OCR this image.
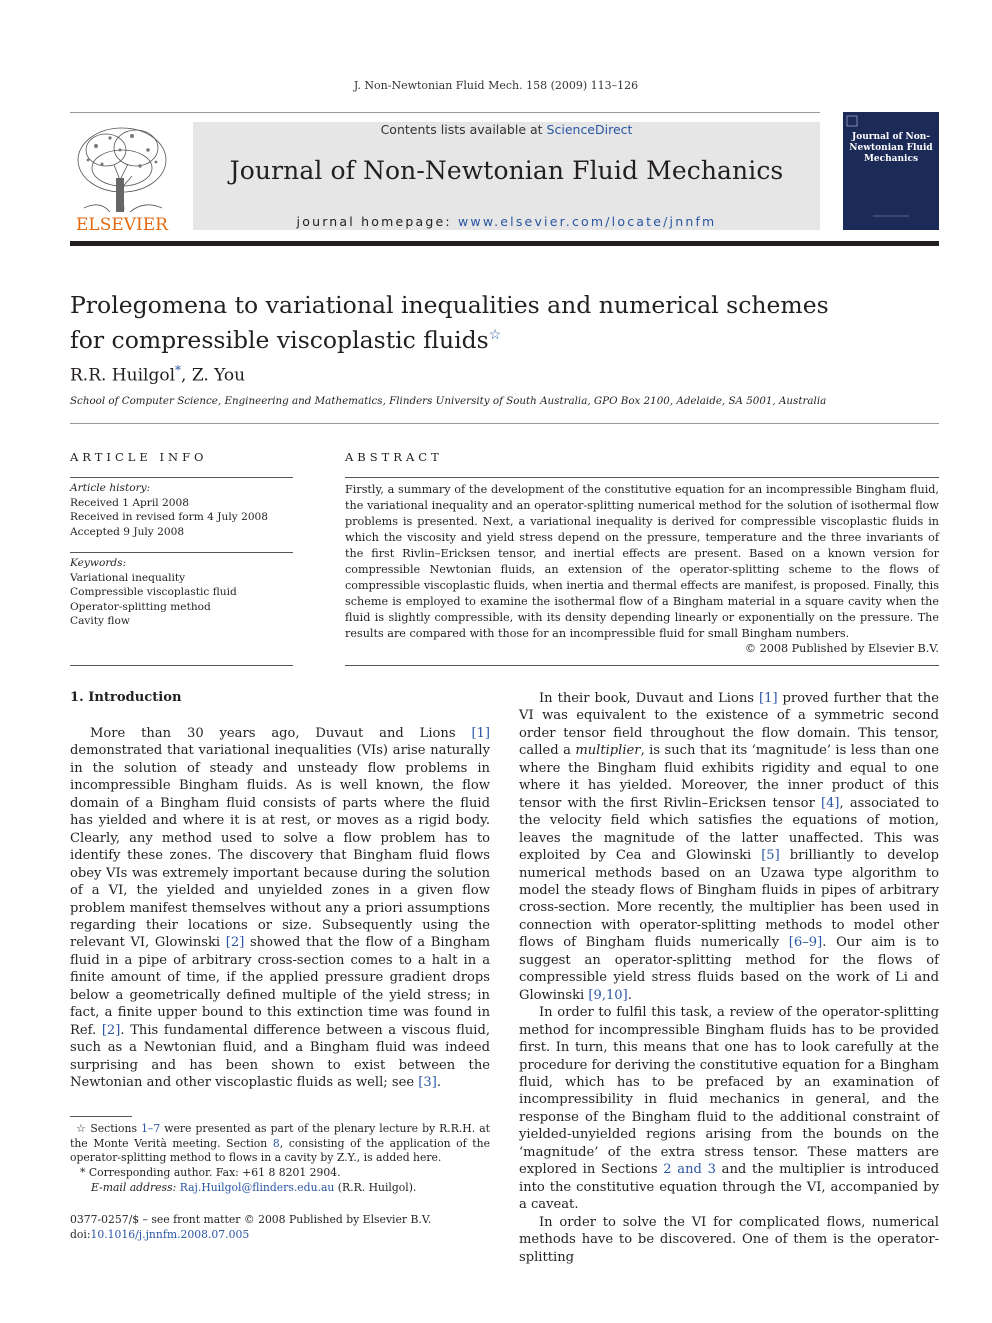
J. Non-Newtonian Fluid Mech. 158 (2009) 113–126
ELSEVIER
Contents lists available at ScienceDirect
Journal of Non-Newtonian Fluid Mechanics
journal homepage: www.elsevier.com/locate/jnnfm
Journal of Non-Newtonian Fluid Mechanics
Prolegomena to variational inequalities and numerical schemes
for compressible viscoplastic fluids☆
R.R. Huilgol*, Z. You
School of Computer Science, Engineering and Mathematics, Flinders University of South Australia, GPO Box 2100, Adelaide, SA 5001, Australia
ARTICLE INFO	ABSTRACT
Article history:
Received 1 April 2008
Received in revised form 4 July 2008
Accepted 9 July 2008
Keywords:
Variational inequality
Compressible viscoplastic fluid
Operator-splitting method
Cavity flow
Firstly, a summary of the development of the constitutive equation for an incompressible Bingham fluid, the variational inequality and an operator-splitting numerical method for the solution of isothermal flow problems is presented. Next, a variational inequality is derived for compressible viscoplastic fluids in which the viscosity and yield stress depend on the pressure, temperature and the three invariants of the first Rivlin–Ericksen tensor, and inertial effects are present. Based on a known version for compressible Newtonian fluids, an extension of the operator-splitting scheme to the flows of compressible viscoplastic fluids, when inertia and thermal effects are manifest, is proposed. Finally, this scheme is employed to examine the isothermal flow of a Bingham material in a square cavity when the fluid is slightly compressible, with its density depending linearly or exponentially on the pressure. The results are compared with those for an incompressible fluid for small Bingham numbers.
© 2008 Published by Elsevier B.V.
1. Introduction

More than 30 years ago, Duvaut and Lions [1] demonstrated that variational inequalities (VIs) arise naturally in the solution of steady and unsteady flow problems in incompressible Bingham fluids. As is well known, the flow domain of a Bingham fluid consists of parts where the fluid has yielded and where it is at rest, or moves as a rigid body. Clearly, any method used to solve a flow problem has to identify these zones. The discovery that Bingham fluid flows obey VIs was extremely important because during the solution of a VI, the yielded and unyielded zones in a given flow problem manifest themselves without any a priori assumptions regarding their locations or size. Subsequently using the relevant VI, Glowinski [2] showed that the flow of a Bingham fluid in a pipe of arbitrary cross-section comes to a halt in a finite amount of time, if the applied pressure gradient drops below a geometrically defined multiple of the yield stress; in fact, a finite upper bound to this extinction time was found in Ref. [2]. This fundamental difference between a viscous fluid, such as a Newtonian fluid, and a Bingham fluid was indeed surprising and has been shown to exist between the Newtonian and other viscoplastic fluids as well; see [3].

In their book, Duvaut and Lions [1] proved further that the VI was equivalent to the existence of a symmetric second order tensor field throughout the flow domain. This tensor, called a multiplier, is such that its ‘magnitude’ is less than one where the Bingham fluid exhibits rigidity and equal to one where it has yielded. Moreover, the inner product of this tensor with the first Rivlin–Ericksen tensor [4], associated to the velocity field which satisfies the equations of motion, leaves the magnitude of the latter unaffected. This was exploited by Cea and Glowinski [5] brilliantly to develop numerical methods based on an Uzawa type algorithm to model the steady flows of Bingham fluids in pipes of arbitrary cross-section. More recently, the multiplier has been used in connection with operator-splitting methods to model other flows of Bingham fluids numerically [6–9]. Our aim is to suggest an operator-splitting method for the flows of compressible yield stress fluids based on the work of Li and Glowinski [9,10].

In order to fulfil this task, a review of the operator-splitting method for incompressible Bingham fluids has to be provided first. In turn, this means that one has to look carefully at the procedure for deriving the constitutive equation for a Bingham fluid, which has to be prefaced by an examination of incompressibility in fluid mechanics in general, and the response of the Bingham fluid to the additional constraint of yielded-unyielded regions arising from the bounds on the ‘magnitude’ of the extra stress tensor. These matters are explored in Sections 2 and 3 and the multiplier is introduced into the constitutive equation through the VI, accompanied by a caveat.

In order to solve the VI for complicated flows, numerical methods have to be discovered. One of them is the operator-splitting

☆ Sections 1–7 were presented as part of the plenary lecture by R.R.H. at the Monte Verità meeting. Section 8, consisting of the application of the operator-splitting method to flows in a cavity by Z.Y., is added here.

* Corresponding author. Fax: +61 8 8201 2904.

E-mail address: Raj.Huilgol@flinders.edu.au (R.R. Huilgol).

0377-0257/$ – see front matter © 2008 Published by Elsevier B.V.
doi:10.1016/j.jnnfm.2008.07.005
